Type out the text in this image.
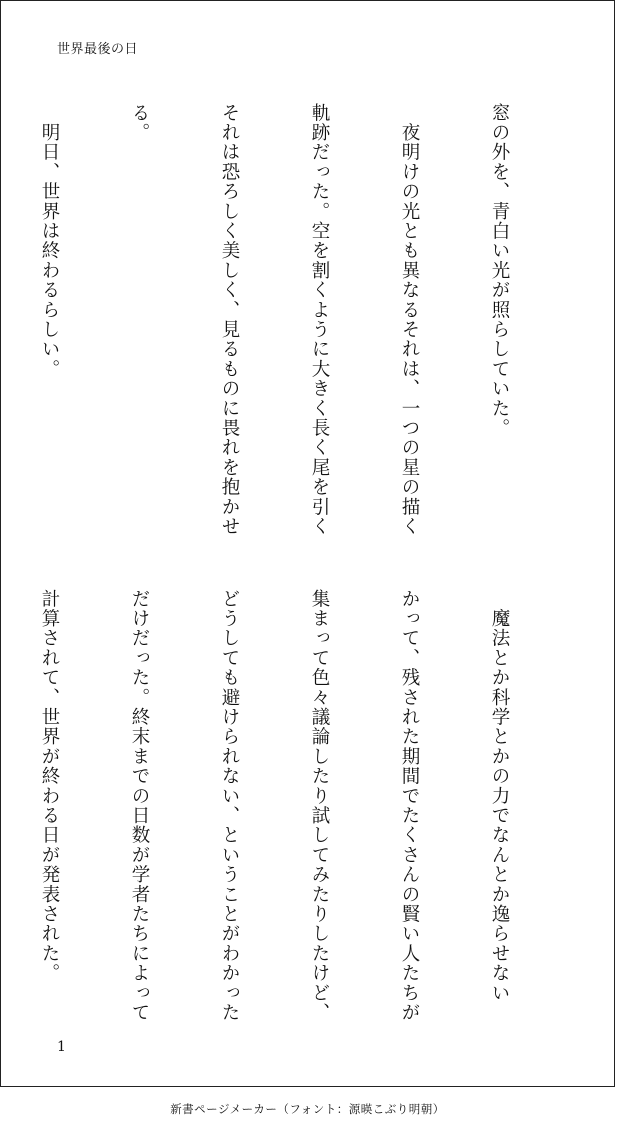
世界最後の日

窓の外を、青白い光が照らしていた。

　夜明けの光とも異なるそれは、一つの星の描く

軌跡だった。空を割くように大きく長く尾を引く

それは恐ろしく美しく、見るものに畏れを抱かせ

る。

　明日、世界は終わるらしい。

　魔法とか科学とかの力でなんとか逸らせない

かって、残された期間でたくさんの賢い人たちが

集まって色々議論したり試してみたりしたけど、

どうしても避けられない、ということがわかった

だけだった。終末までの日数が学者たちによって

計算されて、世界が終わる日が発表された。

1
新書ページメーカー（フォント：源暎こぶり明朝）
